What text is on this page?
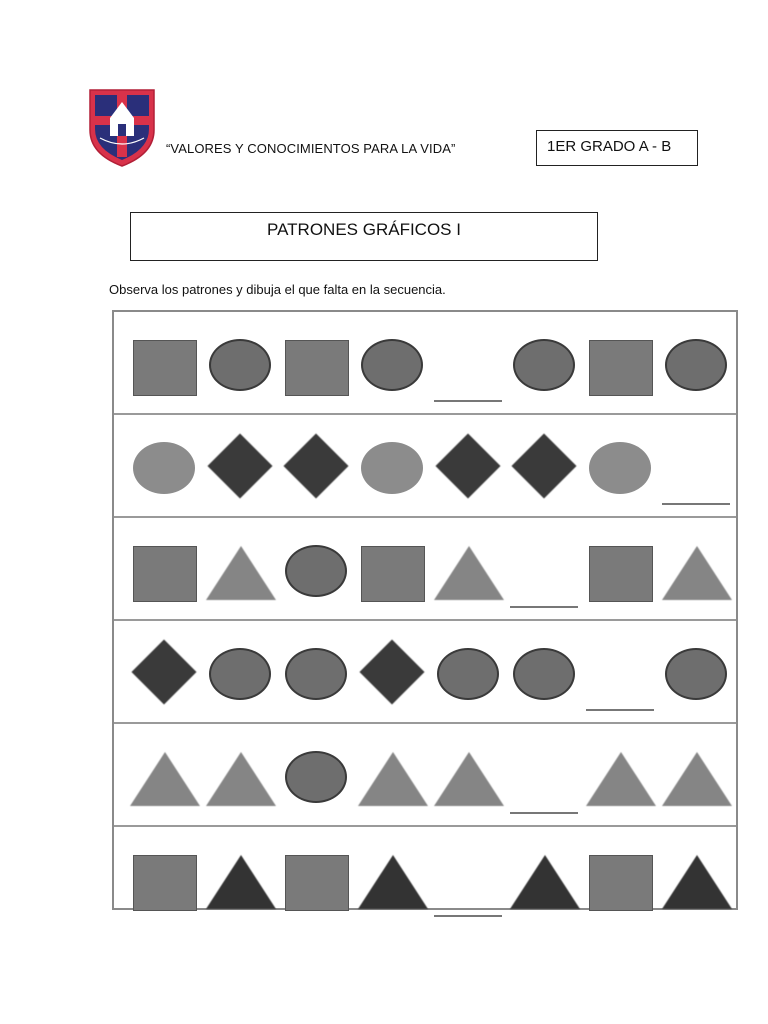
“VALORES Y CONOCIMIENTOS PARA LA VIDA”	1ER GRADO A - B
PATRONES GRÁFICOS I
Observa los patrones y dibuja el que falta en la secuencia.
